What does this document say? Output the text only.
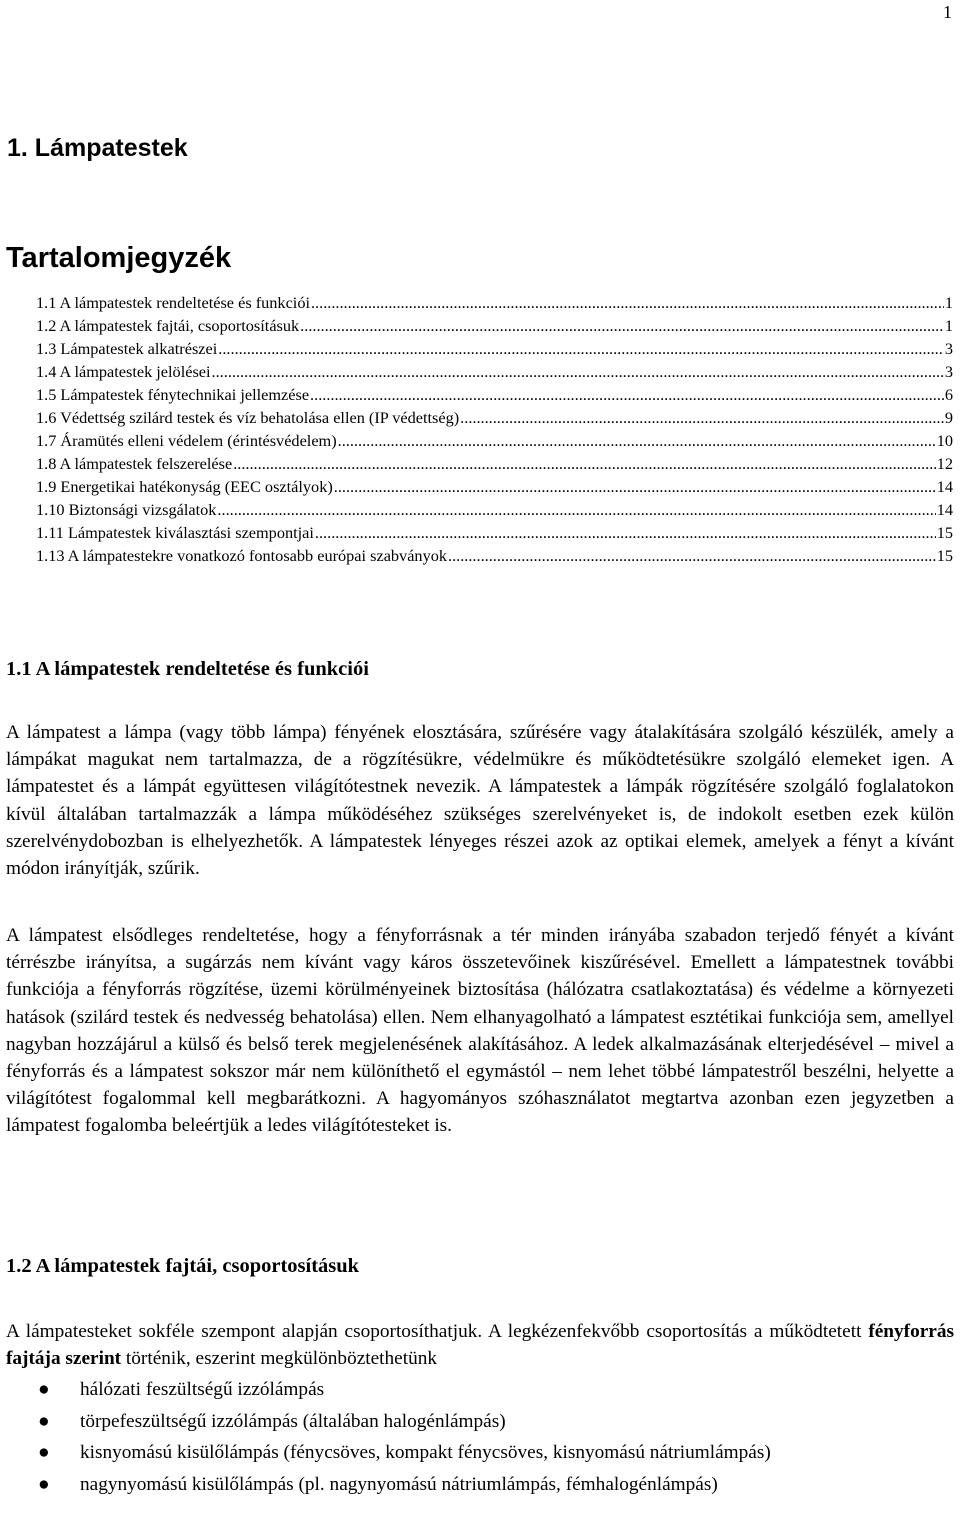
1
1. Lámpatestek
Tartalomjegyzék
1.1 A lámpatestek rendeltetése és funkciói .....	1
1.2 A lámpatestek fajtái, csoportosításuk .....	1
1.3 Lámpatestek alkatrészei .....	3
1.4 A lámpatestek jelölései .....	3
1.5 Lámpatestek fénytechnikai jellemzése .....	6
1.6 Védettség szilárd testek és víz behatolása ellen (IP védettség) .....	9
1.7 Áramütés elleni védelem (érintésvédelem) .....	10
1.8 A lámpatestek felszerelése .....	12
1.9 Energetikai hatékonyság (EEC osztályok) .....	14
1.10 Biztonsági vizsgálatok .....	14
1.11 Lámpatestek kiválasztási szempontjai .....	15
1.13 A lámpatestekre vonatkozó fontosabb európai szabványok .....	15
1.1 A lámpatestek rendeltetése és funkciói

A lámpatest a lámpa (vagy több lámpa) fényének elosztására, szűrésére vagy átalakítására szolgáló készülék, amely a lámpákat magukat nem tartalmazza, de a rögzítésükre, védelmükre és működtetésükre szolgáló elemeket igen. A lámpatestet és a lámpát együttesen világítótestnek nevezik. A lámpatestek a lámpák rögzítésére szolgáló foglalatokon kívül általában tartalmazzák a lámpa működéséhez szükséges szerelvényeket is, de indokolt esetben ezek külön szerelvénydobozban is elhelyezhetők. A lámpatestek lényeges részei azok az optikai elemek, amelyek a fényt a kívánt módon irányítják, szűrik.

A lámpatest elsődleges rendeltetése, hogy a fényforrásnak a tér minden irányába szabadon terjedő fényét a kívánt térrészbe irányítsa, a sugárzás nem kívánt vagy káros összetevőinek kiszűrésével. Emellett a lámpatestnek további funkciója a fényforrás rögzítése, üzemi körülményeinek biztosítása (hálózatra csatlakoztatása) és védelme a környezeti hatások (szilárd testek és nedvesség behatolása) ellen. Nem elhanyagolható a lámpatest esztétikai funkciója sem, amellyel nagyban hozzájárul a külső és belső terek megjelenésének alakításához. A ledek alkalmazásának elterjedésével – mivel a fényforrás és a lámpatest sokszor már nem különíthető el egymástól – nem lehet többé lámpatestről beszélni, helyette a világítótest fogalommal kell megbarátkozni. A hagyományos szóhasználatot megtartva azonban ezen jegyzetben a lámpatest fogalomba beleértjük a ledes világítótesteket is.

1.2 A lámpatestek fajtái, csoportosításuk

A lámpatesteket sokféle szempont alapján csoportosíthatjuk. A legkézenfekvőbb csoportosítás a működtetett fényforrás fajtája szerint történik, eszerint megkülönböztethetünk

● hálózati feszültségű izzólámpás
● törpefeszültségű izzólámpás (általában halogénlámpás)
● kisnyomású kisülőlámpás (fénycsöves, kompakt fénycsöves, kisnyomású nátriumlámpás)
● nagynyomású kisülőlámpás (pl. nagynyomású nátriumlámpás, fémhalogénlámpás)
